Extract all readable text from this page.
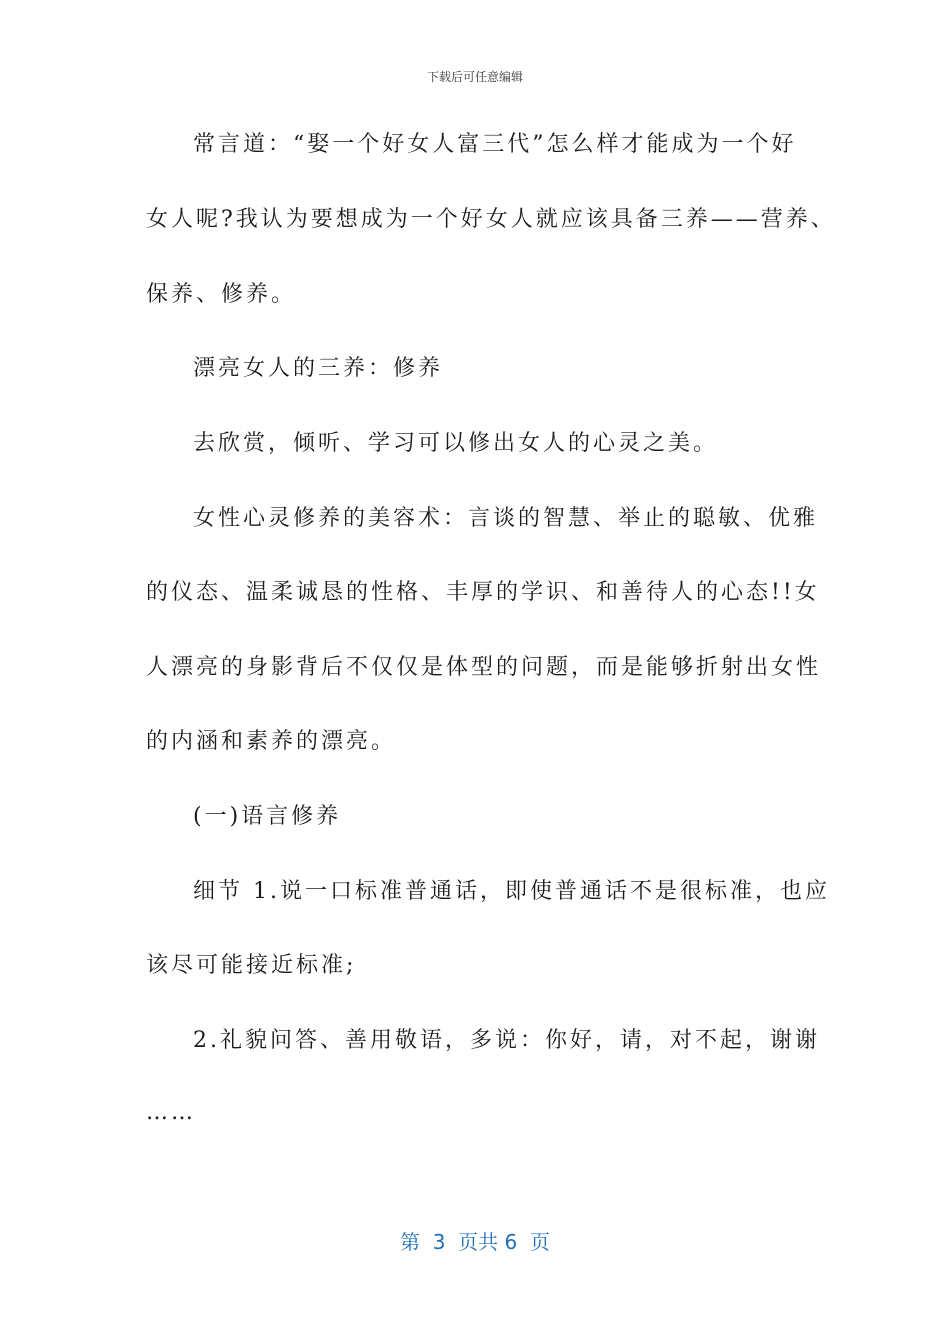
下载后可任意编辑
常言道：“娶一个好女人富三代”怎么样才能成为一个好
女人呢?我认为要想成为一个好女人就应该具备三养——营养、
保养、修养。
漂亮女人的三养：修养
去欣赏，倾听、学习可以修出女人的心灵之美。
女性心灵修养的美容术：言谈的智慧、举止的聪敏、优雅
的仪态、温柔诚恳的性格、丰厚的学识、和善待人的心态!!女
人漂亮的身影背后不仅仅是体型的问题，而是能够折射出女性
的内涵和素养的漂亮。
(一)语言修养
细节 1.说一口标准普通话，即使普通话不是很标准，也应
该尽可能接近标准;
2.礼貌问答、善用敬语，多说：你好，请，对不起，谢谢
……
第  3  页共 6  页
